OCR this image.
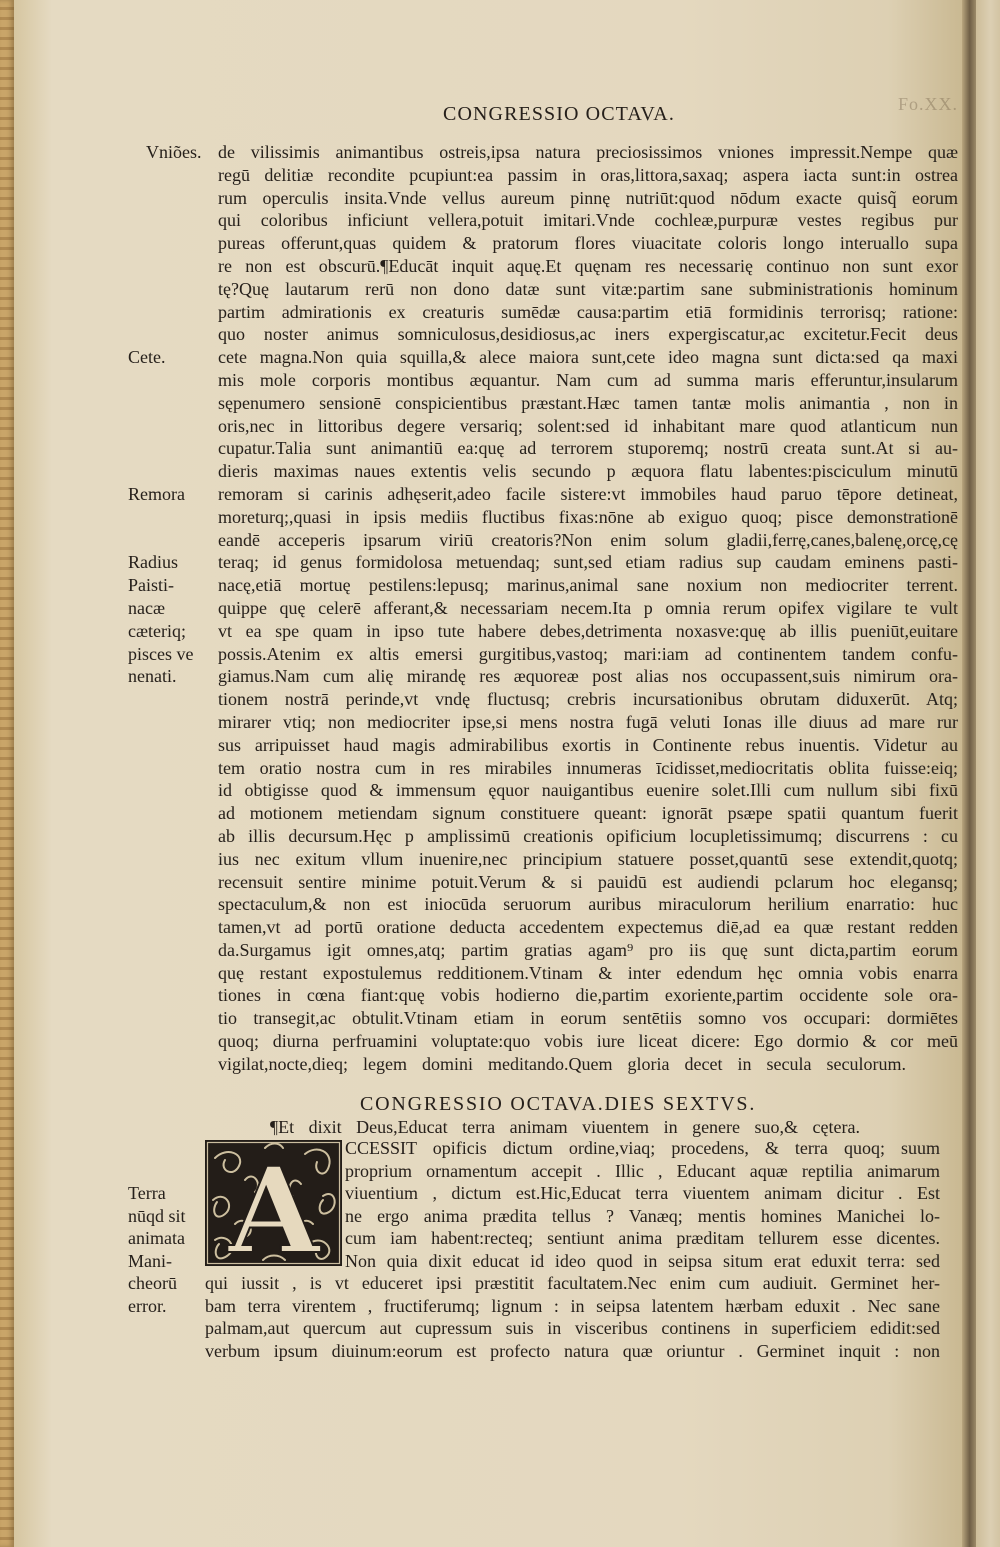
Fo.XX.
CONGRESSIO OCTAVA.
Vniões.
Cete.
Remora
Radius
Paisti-
nacæ
cæteriq;
pisces ve
nenati.
de vilissimis animantibus ostreis,ipsa natura preciosissimos vniones impressit.Nempe quæ
regū delitiæ recondite pcupiunt:ea passim in oras,littora,saxaq; aspera iacta sunt:in ostrea
rum operculis insita.Vnde vellus aureum pinnę nutriūt:quod nōdum exacte quisq̃ eorum
qui coloribus inficiunt vellera,potuit imitari.Vnde cochleæ,purpuræ vestes regibus pur
pureas offerunt,quas quidem & pratorum flores viuacitate coloris longo interuallo supa
re non est obscurū.¶Educāt inquit aquę.Et quęnam res necessarię continuo non sunt exor
tę?Quę lautarum rerū non dono datæ sunt vitæ:partim sane subministrationis hominum
partim admirationis ex creaturis sumēdæ causa:partim etiā formidinis terrorisq; ratione:
quo noster animus somniculosus,desidiosus,ac iners expergiscatur,ac excitetur.Fecit deus
cete magna.Non quia squilla,& alece maiora sunt,cete ideo magna sunt dicta:sed qa maxi
mis mole corporis montibus æquantur. Nam cum ad summa maris efferuntur,insularum
sępenumero sensionē conspicientibus præstant.Hæc tamen tantæ molis animantia , non in
oris,nec in littoribus degere versariq; solent:sed id inhabitant mare quod atlanticum nun
cupatur.Talia sunt animantiū ea:quę ad terrorem stuporemq; nostrū creata sunt.At si au-
dieris maximas naues extentis velis secundo p æquora flatu labentes:pisciculum minutū
remoram si carinis adhęserit,adeo facile sistere:vt immobiles haud paruo tēpore detineat,
moreturq;,quasi in ipsis mediis fluctibus fixas:nōne ab exiguo quoq; pisce demonstrationē
eandē acceperis ipsarum viriū creatoris?Non enim solum gladii,ferrę,canes,balenę,orcę,cę
teraq; id genus formidolosa metuendaq; sunt,sed etiam radius sup caudam eminens pasti-
nacę,etiā mortuę pestilens:lepusq; marinus,animal sane noxium non mediocriter terrent.
quippe quę celerē afferant,& necessariam necem.Ita p omnia rerum opifex vigilare te vult
vt ea spe quam in ipso tute habere debes,detrimenta noxasve:quę ab illis pueniūt,euitare
possis.Atenim ex altis emersi gurgitibus,vastoq; mari:iam ad continentem tandem confu-
giamus.Nam cum alię mirandę res æquoreæ post alias nos occupassent,suis nimirum ora-
tionem nostrā perinde,vt vndę fluctusq; crebris incursationibus obrutam diduxerūt. Atq;
mirarer vtiq; non mediocriter ipse,si mens nostra fugā veluti Ionas ille diuus ad mare rur
sus arripuisset haud magis admirabilibus exortis in Continente rebus inuentis. Videtur au
tem oratio nostra cum in res mirabiles innumeras īcidisset,mediocritatis oblita fuisse:eiq;
id obtigisse quod & immensum ęquor nauigantibus euenire solet.Illi cum nullum sibi fixū
ad motionem metiendam signum constituere queant: ignorāt psæpe spatii quantum fuerit
ab illis decursum.Hęc p amplissimū creationis opificium locupletissimumq; discurrens : cu
ius nec exitum vllum inuenire,nec principium statuere posset,quantū sese extendit,quotq;
recensuit sentire minime potuit.Verum & si pauidū est audiendi pclarum hoc elegansq;
spectaculum,& non est iniocūda seruorum auribus miraculorum herilium enarratio: huc
tamen,vt ad portū oratione deducta accedentem expectemus diē,ad ea quæ restant redden
da.Surgamus igit omnes,atq; partim gratias agam⁹ pro iis quę sunt dicta,partim eorum
quę restant expostulemus redditionem.Vtinam & inter edendum hęc omnia vobis enarra
tiones in cœna fiant:quę vobis hodierno die,partim exoriente,partim occidente sole ora-
tio transegit,ac obtulit.Vtinam etiam in eorum sentētiis somno vos occupari: dormiētes
quoq; diurna perfruamini voluptate:quo vobis iure liceat dicere: Ego dormio & cor meū
vigilat,nocte,dieq; legem domini meditando.Quem gloria decet in secula seculorum.
CONGRESSIO OCTAVA.DIES SEXTVS.
¶Et dixit Deus,Educat terra animam viuentem in genere suo,& cętera.
A
Terra
nūqd sit
animata
Mani-
cheorū
error.
CCESSIT opificis dictum ordine,viaq; procedens, & terra quoq; suum
proprium ornamentum accepit . Illic , Educant aquæ reptilia animarum
viuentium , dictum est.Hic,Educat terra viuentem animam dicitur . Est
ne ergo anima prædita tellus ? Vanæq; mentis homines Manichei lo-
cum iam habent:recteq; sentiunt anima præditam tellurem esse dicentes.
Non quia dixit educat id ideo quod in seipsa situm erat eduxit terra: sed
qui iussit , is vt educeret ipsi præstitit facultatem.Nec enim cum audiuit. Germinet her-
bam terra virentem , fructiferumq; lignum : in seipsa latentem hærbam eduxit . Nec sane
palmam,aut quercum aut cupressum suis in visceribus continens in superficiem edidit:sed
verbum ipsum diuinum:eorum est profecto natura quæ oriuntur . Germinet inquit : non
